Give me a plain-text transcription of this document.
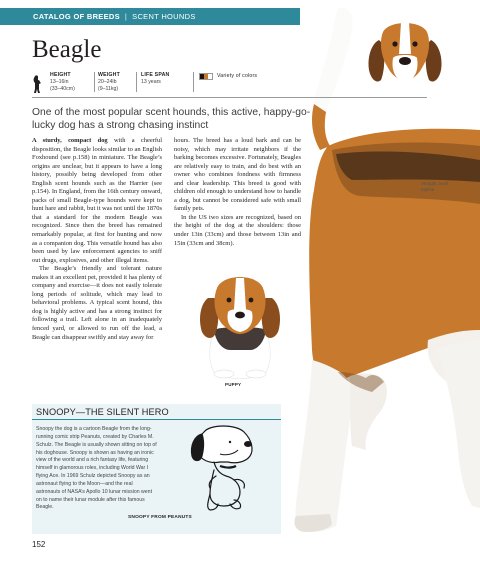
CATALOG OF BREEDS | SCENT HOUNDS
Beagle
HEIGHT
13–16in
(33–40cm)
WEIGHT
20–24lb
(9–11kg)
LIFE SPAN
13 years
Variety of colors
One of the most popular scent hounds, this active, happy-go-lucky dog has a strong chasing instinct

A sturdy, compact dog with a cheerful disposition, the Beagle looks similar to an English Foxhound (see p.158) in miniature. The Beagle’s origins are unclear, but it appears to have a long history, possibly being developed from other English scent hounds such as the Harrier (see p.154). In England, from the 16th century onward, packs of small Beagle-type hounds were kept to hunt hare and rabbit, but it was not until the 1870s that a standard for the modern Beagle was recognized. Since then the breed has remained remarkably popular, at first for hunting and now as a companion dog. This versatile hound has also been used by law enforcement agencies to sniff out drugs, explosives, and other illegal items.

The Beagle’s friendly and tolerant nature makes it an excellent pet, provided it has plenty of company and exercise—it does not easily tolerate long periods of solitude, which may lead to behavioral problems. A typical scent hound, this dog is highly active and has a strong instinct for following a trail. Left alone in an inadequately fenced yard, or allowed to run off the lead, a Beagle can disappear swiftly and stay away for

hours. The breed has a loud bark and can be noisy, which may irritate neighbors if the barking becomes excessive. Fortunately, Beagles are relatively easy to train, and do best with an owner who combines fondness with firmness and clear leadership. This breed is good with children old enough to understand how to handle a dog, but cannot be considered safe with small family pets.

In the US two sizes are recognized, based on the height of the dog at the shoulders: those under 13in (33cm) and those between 13in and 15in (33cm and 38cm).

Straight, level topline
PUPPY
SNOOPY—THE SILENT HERO
Snoopy the dog is a cartoon Beagle from the long-running comic strip Peanuts, created by Charles M. Schulz. The Beagle is usually shown sitting on top of his doghouse. Snoopy is shown as having an ironic view of the world and a rich fantasy life, featuring himself in glamorous roles, including World War I flying Ace. In 1969 Schulz depicted Snoopy as an astronaut flying to the Moon—and the real astronauts of NASA’s Apollo 10 lunar mission went on to name their lunar module after this famous Beagle.
SNOOPY FROM PEANUTS
152
